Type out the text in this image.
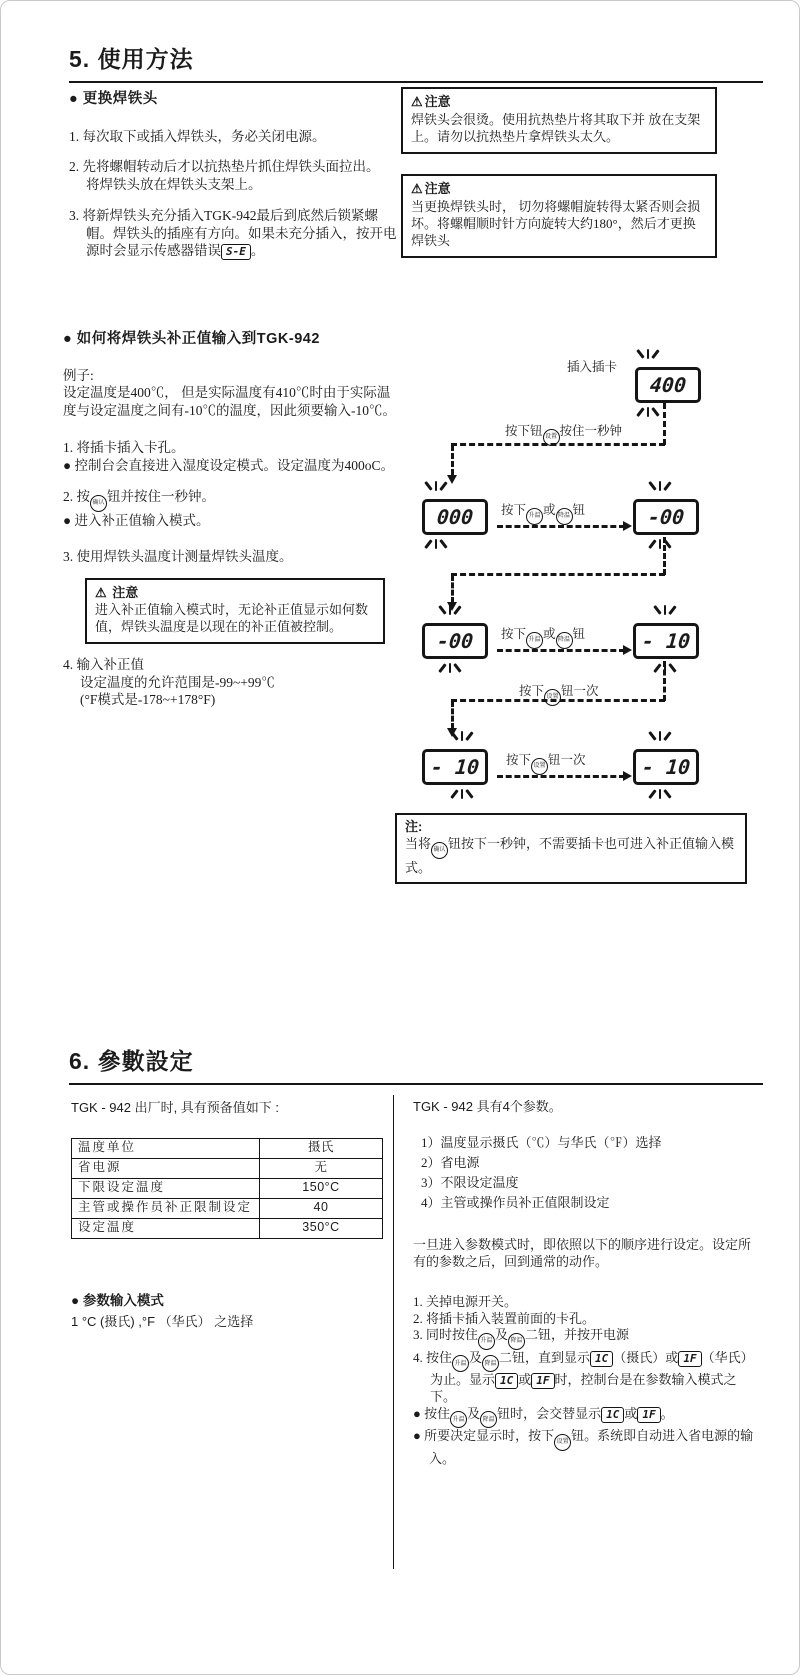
5. 使用方法
● 更换焊铁头
1. 每次取下或插入焊铁头，务必关闭电源。
2. 先将螺帽转动后才以抗热垫片抓住焊铁头面拉出。
将焊铁头放在焊铁头支架上。
3. 将新焊铁头充分插入TGK-942最后到底然后锁紧螺帽。焊铁头的插座有方向。如果未充分插入，按开电源时会显示传感器错误 S-E 。
⚠ 注意
焊铁头会很烫。使用抗热垫片将其取下并 放在支架上。请勿以抗热垫片拿焊铁头太久。
⚠ 注意
当更换焊铁头时， 切勿将螺帽旋转得太紧否则会损坏。将螺帽顺时针方向旋转大约180°，然后才更换焊铁头
● 如何将焊铁头补正值输入到TGK-942
例子:
设定温度是400℃， 但是实际温度有410℃时由于实际温度与设定温度之间有-10℃的温度，因此须要输入-10℃。
1. 将插卡插入卡孔。
● 控制台会直接进入湿度设定模式。设定温度为400oC。
2. 按 确认 钮并按住一秒钟。
● 进入补正值输入模式。
3. 使用焊铁头温度计测量焊铁头温度。
⚠ 注意
进入补正值输入模式时，无论补正值显示如何数值，焊铁头温度是以现在的补正值被控制。
4. 输入补正值
设定温度的允许范围是-99~+99℃
(°F模式是-178~+178°F)
插入插卡
400
按下钮 设置 按住一秒钟
000 按下 升温 或 降温 钮	-00
-00 按下 升温 或 降温 钮	- 10
按下 设置 钮一次
- 10 按下 设置 钮一次	- 10
注:
当将 确认 钮按下一秒钟，不需要插卡也可进入补正值输入模式。
6. 參數設定
TGK - 942 出厂时, 具有预备值如下 :
温度单位	摄氏
省电源	无
下限设定温度	150°C
主管或操作员补正限制设定	40
设定温度	350°C
● 参数输入模式
1 °C (摄氏) ,°F （华氏） 之选择
TGK - 942 具有4个参数。
1）温度显示摄氏（℃）与华氏（℉）选择
2）省电源
3）不限设定温度
4）主管或操作员补正值限制设定
一旦进入参数模式时，即依照以下的顺序进行设定。设定所有的参数之后，回到通常的动作。
1. 关掉电源开关。
2. 将插卡插入装置前面的卡孔。
3. 同时按住 升温 及 降温 二钮，并按开电源
4. 按住 升温 及 降温 二钮，直到显示 1C （摄氏）或 1F （华氏）为止。显示 1C 或 1F 时，控制台是在参数输入模式之下。
● 按住 升温 及 降温 钮时，会交替显示 1C 或 1F 。
● 所要决定显示时，按下 设置 钮。系统即自动进入省电源的输入。
